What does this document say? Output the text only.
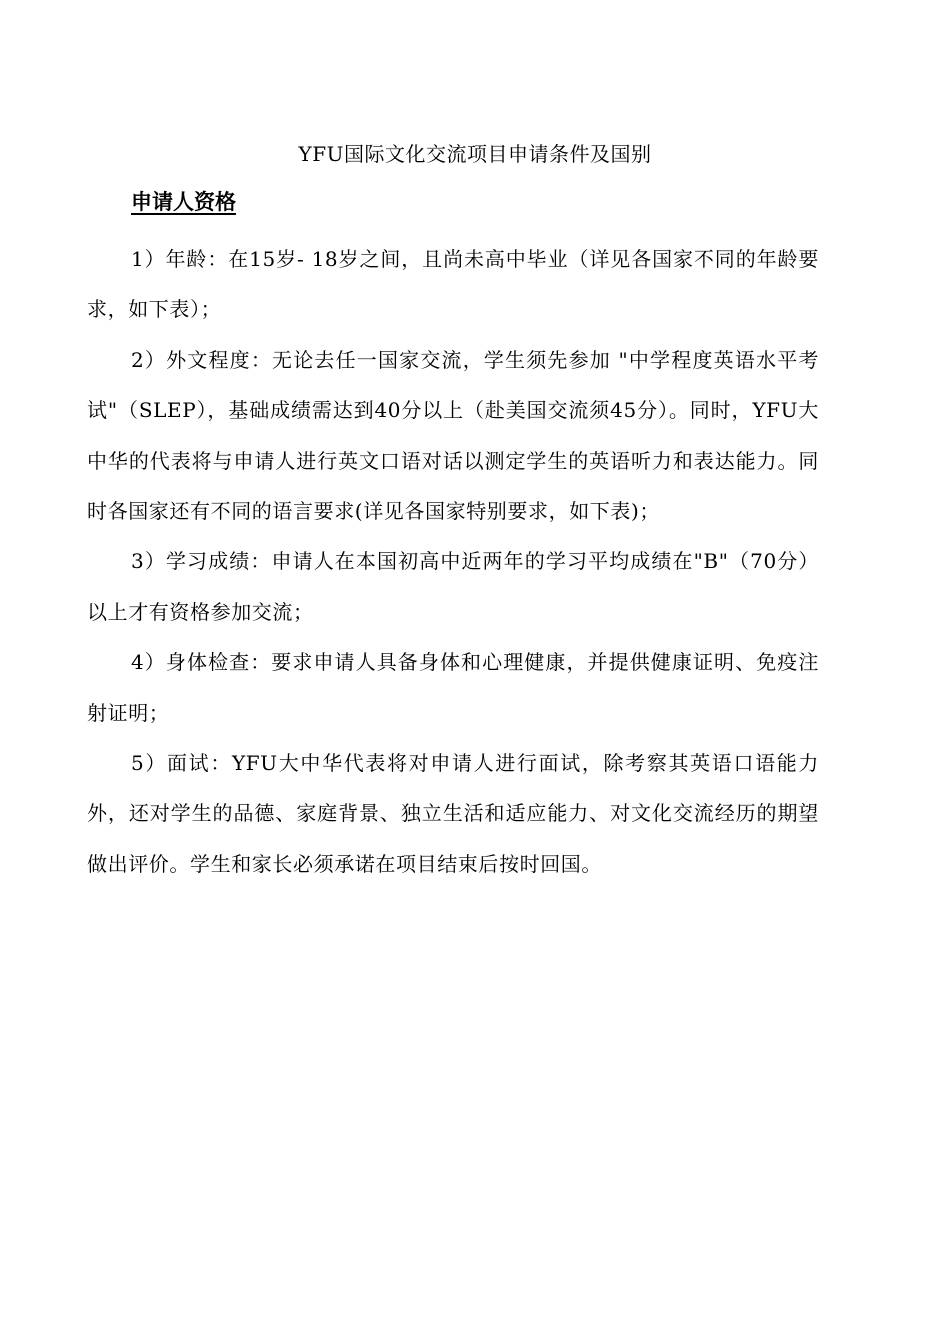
YFU国际文化交流项目申请条件及国别
申请人资格

1）年龄：在15岁- 18岁之间，且尚未高中毕业（详见各国家不同的年龄要求，如下表）；

2）外文程度：无论去任一国家交流，学生须先参加 "中学程度英语水平考试"（SLEP），基础成绩需达到40分以上（赴美国交流须45分）。同时，YFU大中华的代表将与申请人进行英文口语对话以测定学生的英语听力和表达能力。同时各国家还有不同的语言要求(详见各国家特别要求，如下表)；

3）学习成绩：申请人在本国初高中近两年的学习平均成绩在"B"（70分）以上才有资格参加交流；

4）身体检查：要求申请人具备身体和心理健康，并提供健康证明、免疫注射证明；

5）面试：YFU大中华代表将对申请人进行面试，除考察其英语口语能力外，还对学生的品德、家庭背景、独立生活和适应能力、对文化交流经历的期望做出评价。学生和家长必须承诺在项目结束后按时回国。
